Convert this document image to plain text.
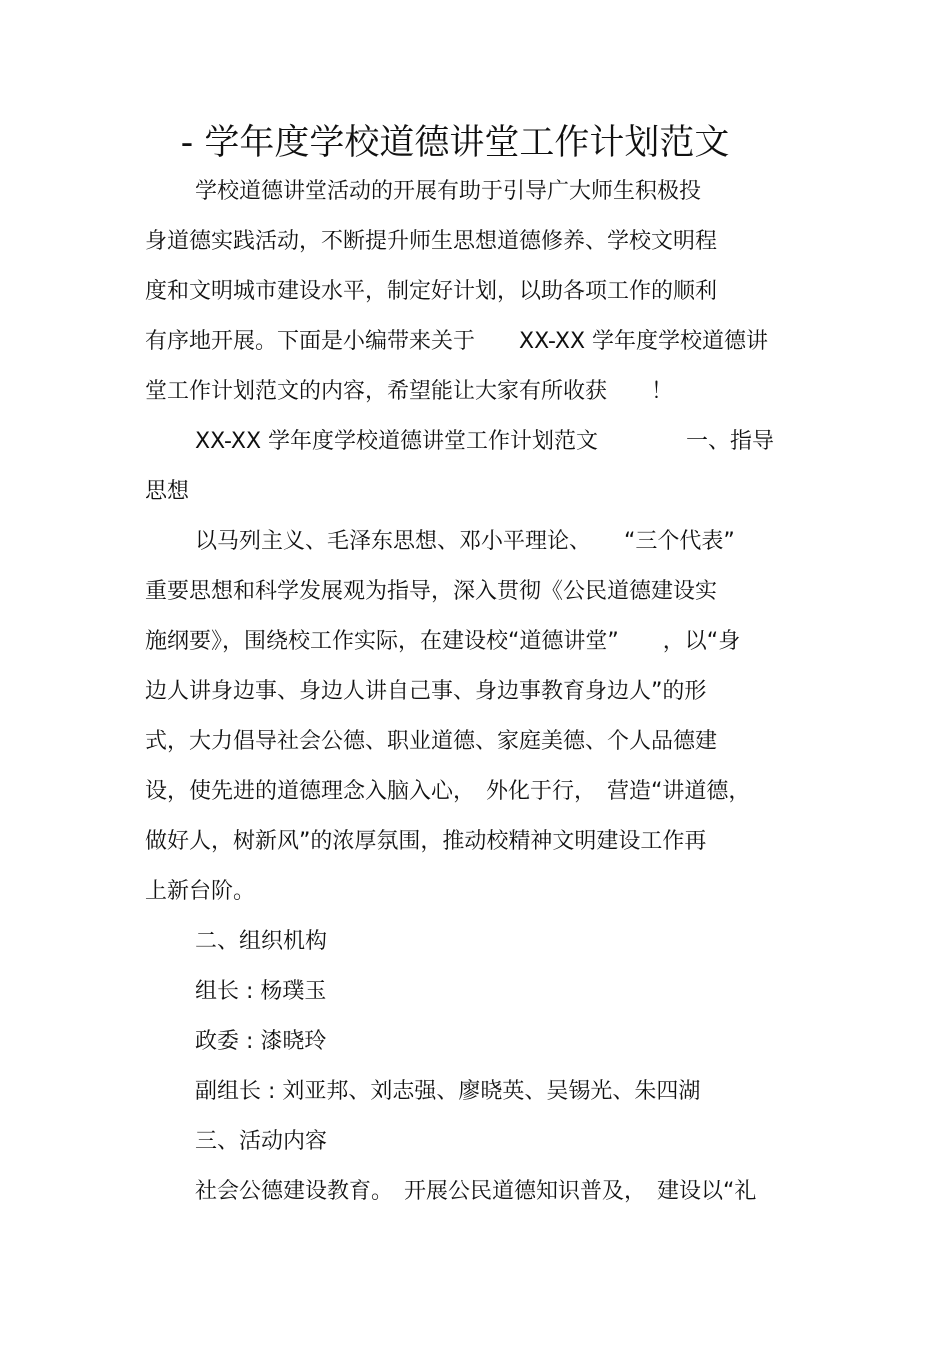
- 学年度学校道德讲堂工作计划范文
学校道德讲堂活动的开展有助于引导广大师生积极投
身道德实践活动，不断提升师生思想道德修养、学校文明程
度和文明城市建设水平，制定好计划，以助各项工作的顺利
有序地开展。下面是小编带来关于　　XX-XX 学年度学校道德讲
堂工作计划范文的内容，希望能让大家有所收获　　！
XX-XX 学年度学校道德讲堂工作计划范文　　　　一、指导
思想
以马列主义、毛泽东思想、邓小平理论、　　“三个代表”
重要思想和科学发展观为指导，深入贯彻《公民道德建设实
施纲要》，围绕校工作实际，在建设校“道德讲堂”　　，以“身
边人讲身边事、身边人讲自己事、身边事教育身边人”的形
式，大力倡导社会公德、职业道德、家庭美德、个人品德建
设，使先进的道德理念入脑入心，　外化于行，　营造“讲道德，
做好人，树新风”的浓厚氛围，推动校精神文明建设工作再
上新台阶。
二、组织机构
组长 : 杨璞玉
政委 : 漆晓玲
副组长 : 刘亚邦、刘志强、廖晓英、吴锡光、朱四湖
三、活动内容
社会公德建设教育。　开展公民道德知识普及，　建设以“礼
